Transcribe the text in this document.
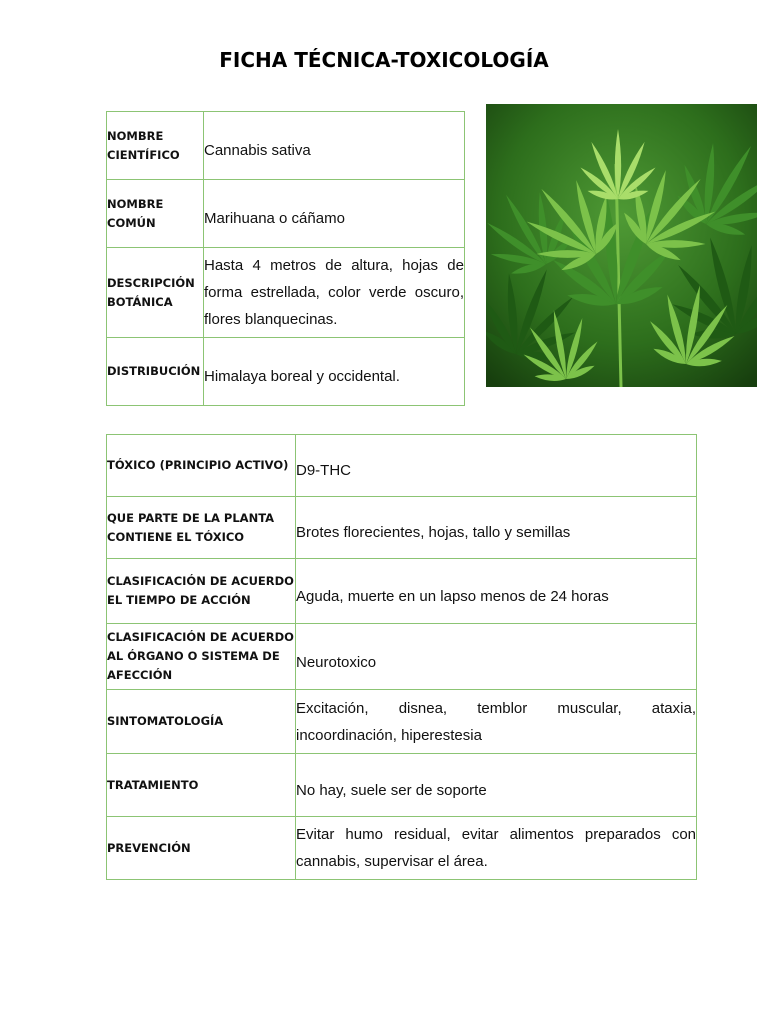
FICHA TÉCNICA-TOXICOLOGÍA
NOMBRE CIENTÍFICO	Cannabis sativa
NOMBRE COMÚN	Marihuana o cáñamo
DESCRIPCIÓN BOTÁNICA	Hasta 4 metros de altura, hojas de forma estrellada, color verde oscuro, flores blanquecinas.
DISTRIBUCIÓN	Himalaya boreal y occidental.
TÓXICO (PRINCIPIO ACTIVO)	D9-THC
QUE PARTE DE LA PLANTA CONTIENE EL TÓXICO	Brotes florecientes, hojas, tallo y semillas
CLASIFICACIÓN DE ACUERDO EL TIEMPO DE ACCIÓN	Aguda, muerte en un lapso menos de 24 horas
CLASIFICACIÓN DE ACUERDO AL ÓRGANO O SISTEMA DE AFECCIÓN	Neurotoxico
SINTOMATOLOGÍA	Excitación, disnea, temblor muscular, ataxia, incoordinación, hiperestesia
TRATAMIENTO	No hay, suele ser de soporte
PREVENCIÓN	Evitar humo residual, evitar alimentos preparados con cannabis, supervisar el área.
